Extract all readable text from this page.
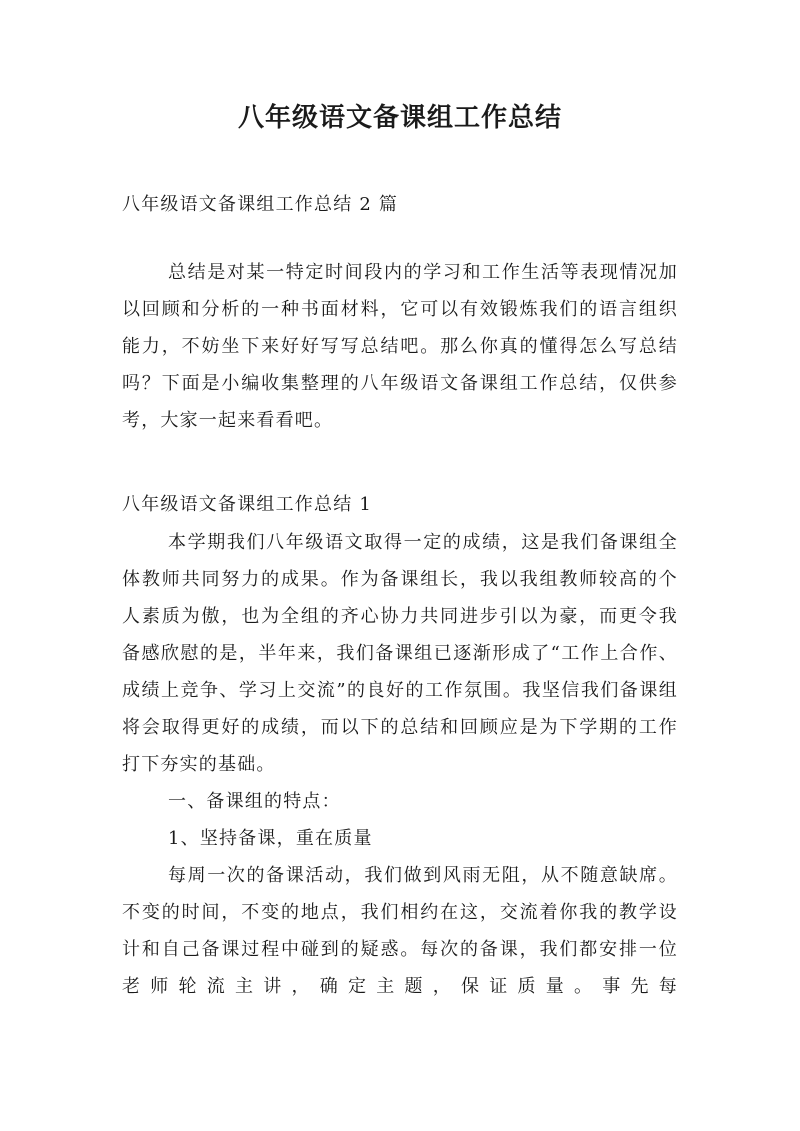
八年级语文备课组工作总结
八年级语文备课组工作总结 2 篇

总结是对某一特定时间段内的学习和工作生活等表现情况加以回顾和分析的一种书面材料，它可以有效锻炼我们的语言组织能力，不妨坐下来好好写写总结吧。那么你真的懂得怎么写总结吗？下面是小编收集整理的八年级语文备课组工作总结，仅供参考，大家一起来看看吧。

八年级语文备课组工作总结 1

本学期我们八年级语文取得一定的成绩，这是我们备课组全体教师共同努力的成果。作为备课组长，我以我组教师较高的个人素质为傲，也为全组的齐心协力共同进步引以为豪，而更令我备感欣慰的是，半年来，我们备课组已逐渐形成了“工作上合作、成绩上竞争、学习上交流”的良好的工作氛围。我坚信我们备课组将会取得更好的成绩，而以下的总结和回顾应是为下学期的工作打下夯实的基础。

一、备课组的特点：

1、坚持备课，重在质量

每周一次的备课活动，我们做到风雨无阻，从不随意缺席。不变的时间，不变的地点，我们相约在这，交流着你我的教学设计和自己备课过程中碰到的疑惑。每次的备课，我们都安排一位老师轮流主讲，确定主题，保证质量。事先每
